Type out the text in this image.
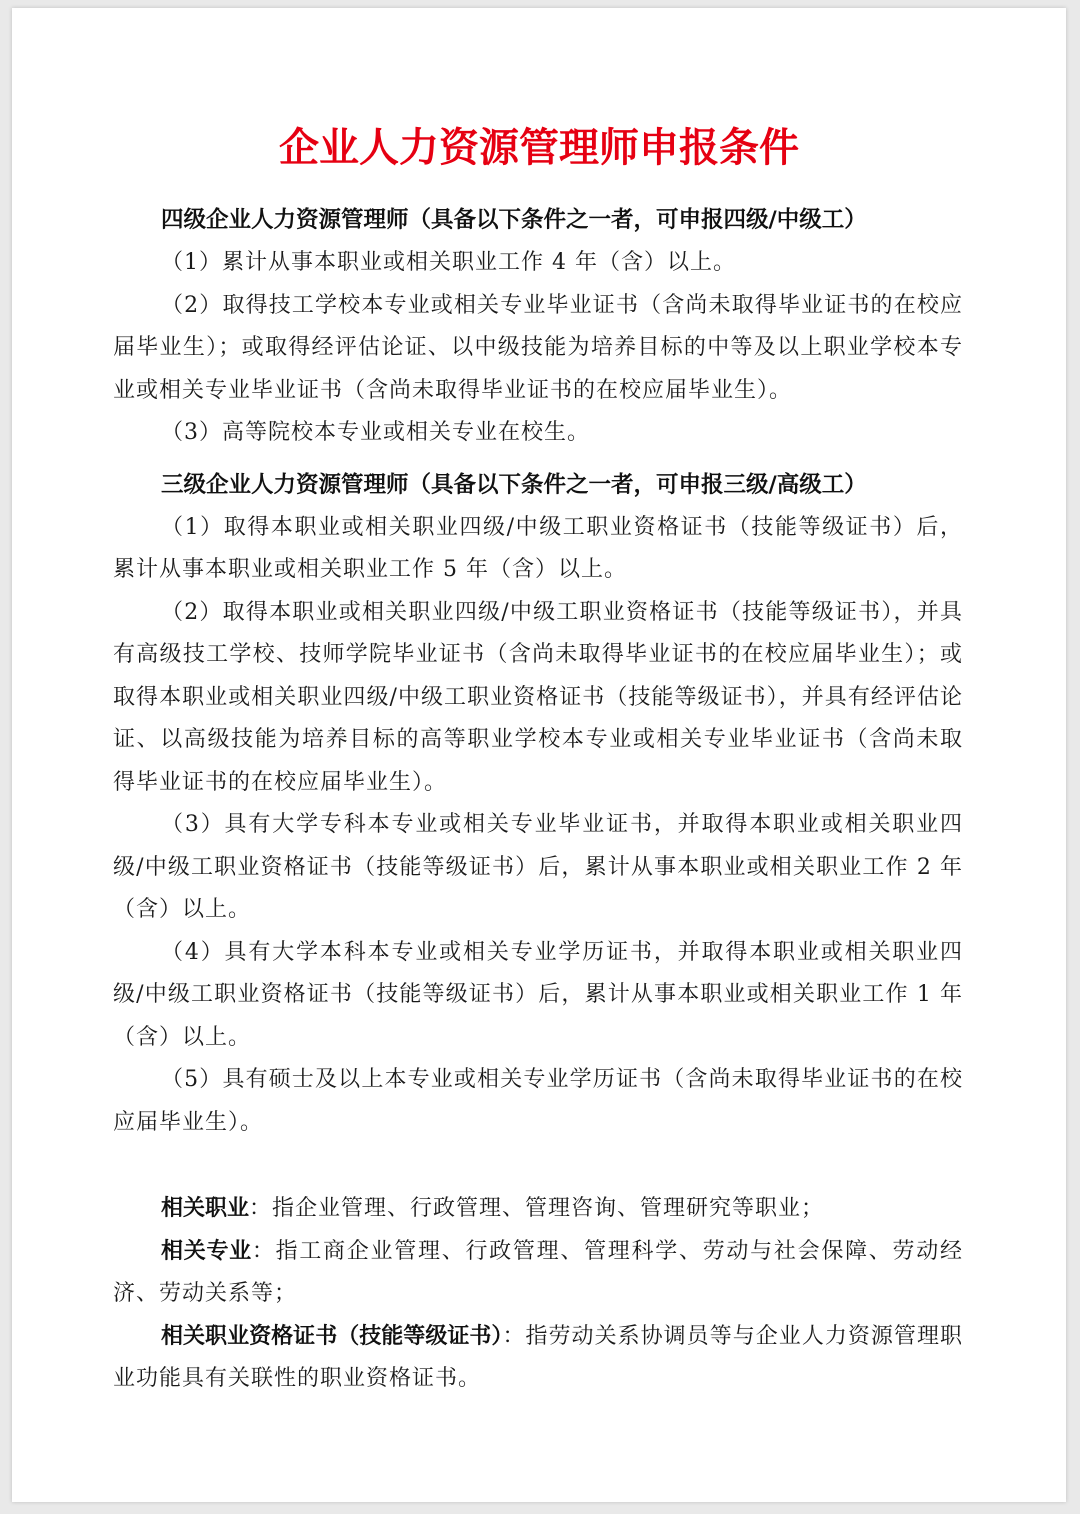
企业人力资源管理师申报条件

四级企业人力资源管理师（具备以下条件之一者，可申报四级/中级工）

（1）累计从事本职业或相关职业工作 4 年（含）以上。

（2）取得技工学校本专业或相关专业毕业证书（含尚未取得毕业证书的在校应届毕业生）；或取得经评估论证、以中级技能为培养目标的中等及以上职业学校本专业或相关专业毕业证书（含尚未取得毕业证书的在校应届毕业生）。

（3）高等院校本专业或相关专业在校生。

三级企业人力资源管理师（具备以下条件之一者，可申报三级/高级工）

（1）取得本职业或相关职业四级/中级工职业资格证书（技能等级证书）后，累计从事本职业或相关职业工作 5 年（含）以上。

（2）取得本职业或相关职业四级/中级工职业资格证书（技能等级证书），并具有高级技工学校、技师学院毕业证书（含尚未取得毕业证书的在校应届毕业生）；或取得本职业或相关职业四级/中级工职业资格证书（技能等级证书），并具有经评估论证、以高级技能为培养目标的高等职业学校本专业或相关专业毕业证书（含尚未取得毕业证书的在校应届毕业生）。

（3）具有大学专科本专业或相关专业毕业证书，并取得本职业或相关职业四级/中级工职业资格证书（技能等级证书）后，累计从事本职业或相关职业工作 2 年（含）以上。

（4）具有大学本科本专业或相关专业学历证书，并取得本职业或相关职业四级/中级工职业资格证书（技能等级证书）后，累计从事本职业或相关职业工作 1 年（含）以上。

（5）具有硕士及以上本专业或相关专业学历证书（含尚未取得毕业证书的在校应届毕业生）。

相关职业：指企业管理、行政管理、管理咨询、管理研究等职业；

相关专业：指工商企业管理、行政管理、管理科学、劳动与社会保障、劳动经济、劳动关系等；

相关职业资格证书（技能等级证书）：指劳动关系协调员等与企业人力资源管理职业功能具有关联性的职业资格证书。
